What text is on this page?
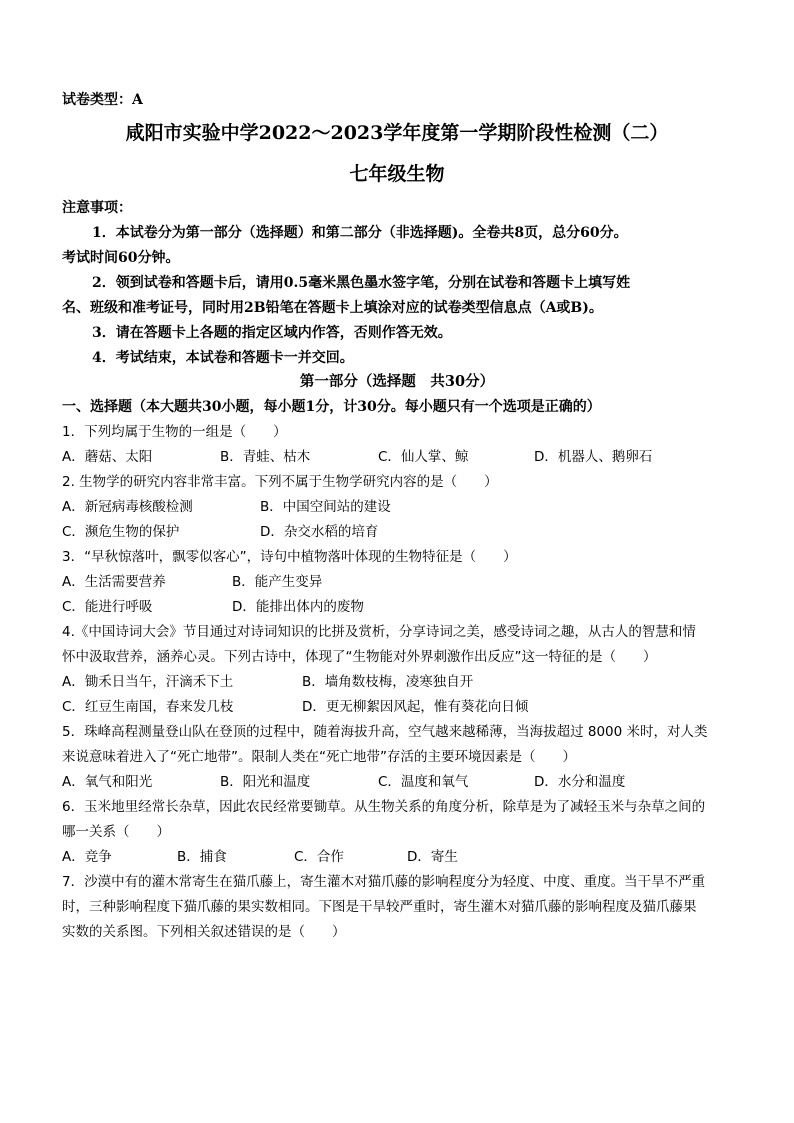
试卷类型：A
咸阳市实验中学2022～2023学年度第一学期阶段性检测（二）
七年级生物
注意事项：
1．本试卷分为第一部分（选择题）和第二部分（非选择题)。全卷共8页，总分60分。
考试时间60分钟。
2．领到试卷和答题卡后，请用0.5毫米黑色墨水签字笔，分别在试卷和答题卡上填写姓
名、班级和准考证号，同时用2B铅笔在答题卡上填涂对应的试卷类型信息点（A或B)。
3．请在答题卡上各题的指定区域内作答，否则作答无效。
4．考试结束，本试卷和答题卡一并交回。
第一部分（选择题　共30分）
一、选择题（本大题共30小题，每小题1分，计30分。每小题只有一个选项是正确的）
1．下列均属于生物的一组是（　　）
A．蘑菇、太阳	B．青蛙、枯木	C．仙人掌、鲸	D．机器人、鹅卵石
2. 生物学的研究内容非常丰富。下列不属于生物学研究内容的是（　　）
A．新冠病毒核酸检测	B．中国空间站的建设
C．濒危生物的保护	D．杂交水稻的培育
3．“早秋惊落叶，飘零似客心”，诗句中植物落叶体现的生物特征是（　　）
A．生活需要营养	B．能产生变异
C．能进行呼吸	D．能排出体内的废物
4.《中国诗词大会》节目通过对诗词知识的比拼及赏析，分享诗词之美，感受诗词之趣，从古人的智慧和情
怀中汲取营养，涵养心灵。下列古诗中，体现了“生物能对外界刺激作出反应”这一特征的是（　　）
A．锄禾日当午，汗滴禾下土	B．墙角数枝梅，凌寒独自开
C．红豆生南国，春来发几枝	D．更无柳絮因风起，惟有葵花向日倾
5．珠峰高程测量登山队在登顶的过程中，随着海拔升高，空气越来越稀薄，当海拔超过 8000 米时，对人类
来说意味着进入了“死亡地带”。限制人类在“死亡地带”存活的主要环境因素是（　　）
A．氧气和阳光	B．阳光和温度	C．温度和氧气	D．水分和温度
6．玉米地里经常长杂草，因此农民经常要锄草。从生物关系的角度分析，除草是为了减轻玉米与杂草之间的
哪一关系（　　）
A．竞争	B．捕食	C．合作	D．寄生
7．沙漠中有的灌木常寄生在猫爪藤上，寄生灌木对猫爪藤的影响程度分为轻度、中度、重度。当干旱不严重
时，三种影响程度下猫爪藤的果实数相同。下图是干旱较严重时，寄生灌木对猫爪藤的影响程度及猫爪藤果
实数的关系图。下列相关叙述错误的是（　　）
